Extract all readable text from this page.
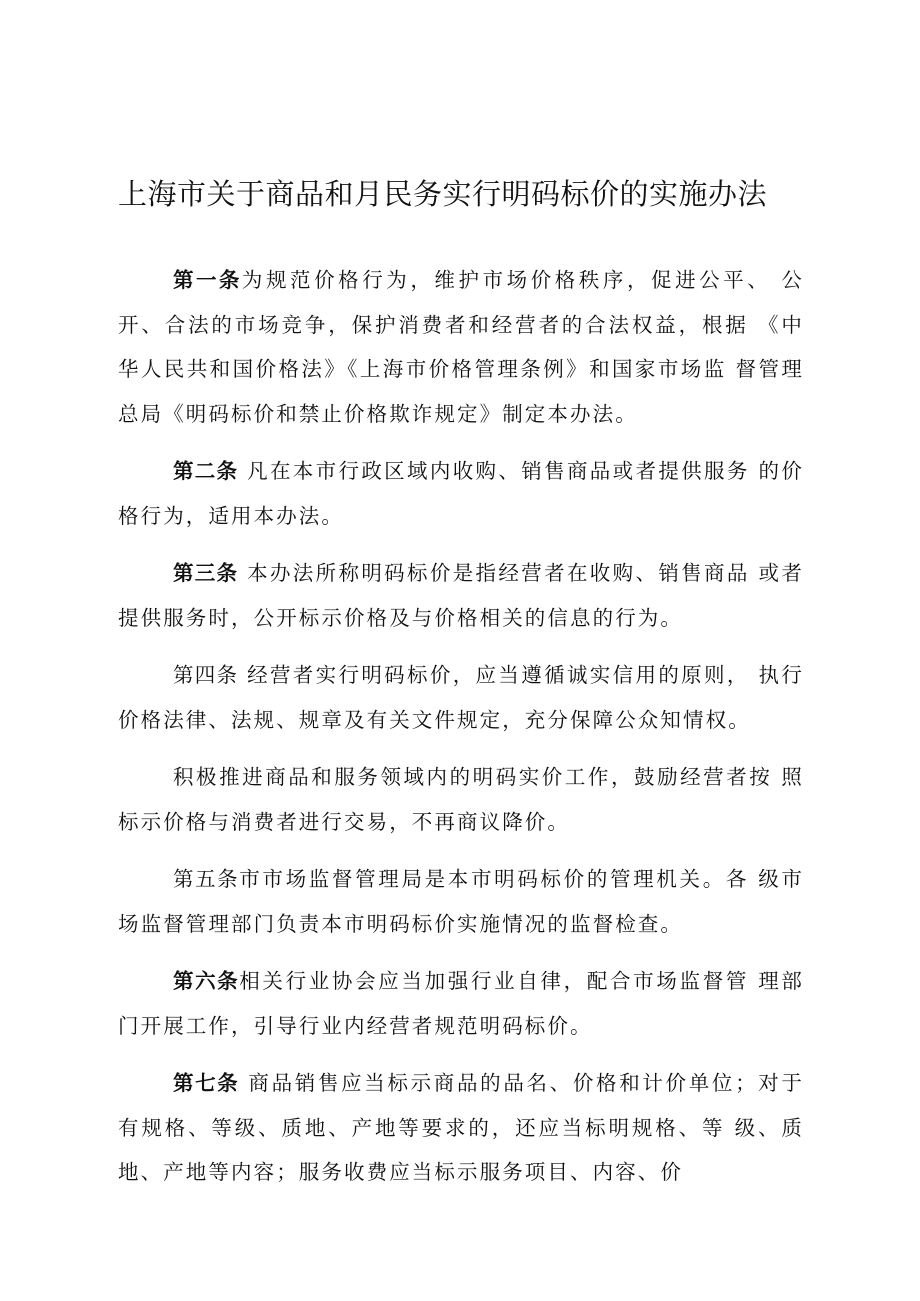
上海市关于商品和月民务实行明码标价的实施办法

第一条为规范价格行为，维护市场价格秩序，促进公平、 公开、合法的市场竞争，保护消费者和经营者的合法权益，根据 《中华人民共和国价格法》《上海市价格管理条例》和国家市场监 督管理总局《明码标价和禁止价格欺诈规定》制定本办法。

第二条 凡在本市行政区域内收购、销售商品或者提供服务 的价格行为，适用本办法。

第三条 本办法所称明码标价是指经营者在收购、销售商品 或者提供服务时，公开标示价格及与价格相关的信息的行为。

第四条 经营者实行明码标价，应当遵循诚实信用的原则， 执行价格法律、法规、规章及有关文件规定，充分保障公众知情权。

积极推进商品和服务领域内的明码实价工作，鼓励经营者按 照标示价格与消费者进行交易，不再商议降价。

第五条市市场监督管理局是本市明码标价的管理机关。各 级市场监督管理部门负责本市明码标价实施情况的监督检查。

第六条相关行业协会应当加强行业自律，配合市场监督管 理部门开展工作，引导行业内经营者规范明码标价。

第七条 商品销售应当标示商品的品名、价格和计价单位；对于有规格、等级、质地、产地等要求的，还应当标明规格、等 级、质地、产地等内容；服务收费应当标示服务项目、内容、价
